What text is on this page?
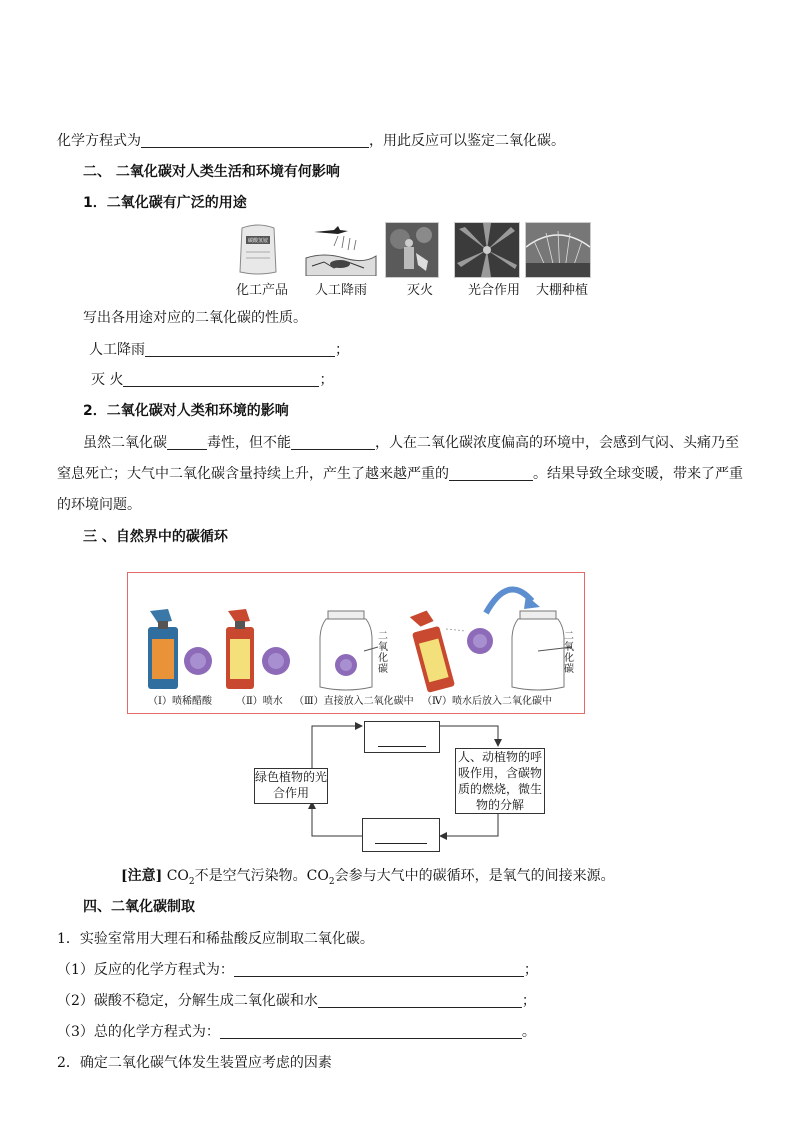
化学方程式为	，用此反应可以鉴定二氧化碳。
二、 二氧化碳对人类生活和环境有何影响
1．二氧化碳有广泛的用途
碳酸氢铵
化工产品 人工降雨	灭火	光合作用 大棚种植
写出各用途对应的二氧化碳的性质。
人工降雨	；
灭 火	；
2．二氧化碳对人类和环境的影响
虽然二氧化碳	毒性，但不能	，人在二氧化碳浓度偏高的环境中，会感到气闷、头痛乃至
窒息死亡；大气中二氧化碳含量持续上升，产生了越来越严重的	。结果导致全球变暖，带来了严重
的环境问题。
三 、自然界中的碳循环
二氧化碳
二氧化碳
（Ⅰ）喷稀醋酸 （Ⅱ）喷水 （Ⅲ）直接放入二氧化碳中 （Ⅳ）喷水后放入二氧化碳中
绿色植物的光合作用
人、动植物的呼吸作用，含碳物质的燃烧，微生物的分解
[注意] $CO_2$不是空气污染物。$CO_2$会参与大气中的碳循环，是氧气的间接来源。
四、二氧化碳制取
1．实验室常用大理石和稀盐酸反应制取二氧化碳。
（1）反应的化学方程式为：	；
（2）碳酸不稳定，分解生成二氧化碳和水	；
（3）总的化学方程式为：	。
2．确定二氧化碳气体发生装置应考虑的因素
